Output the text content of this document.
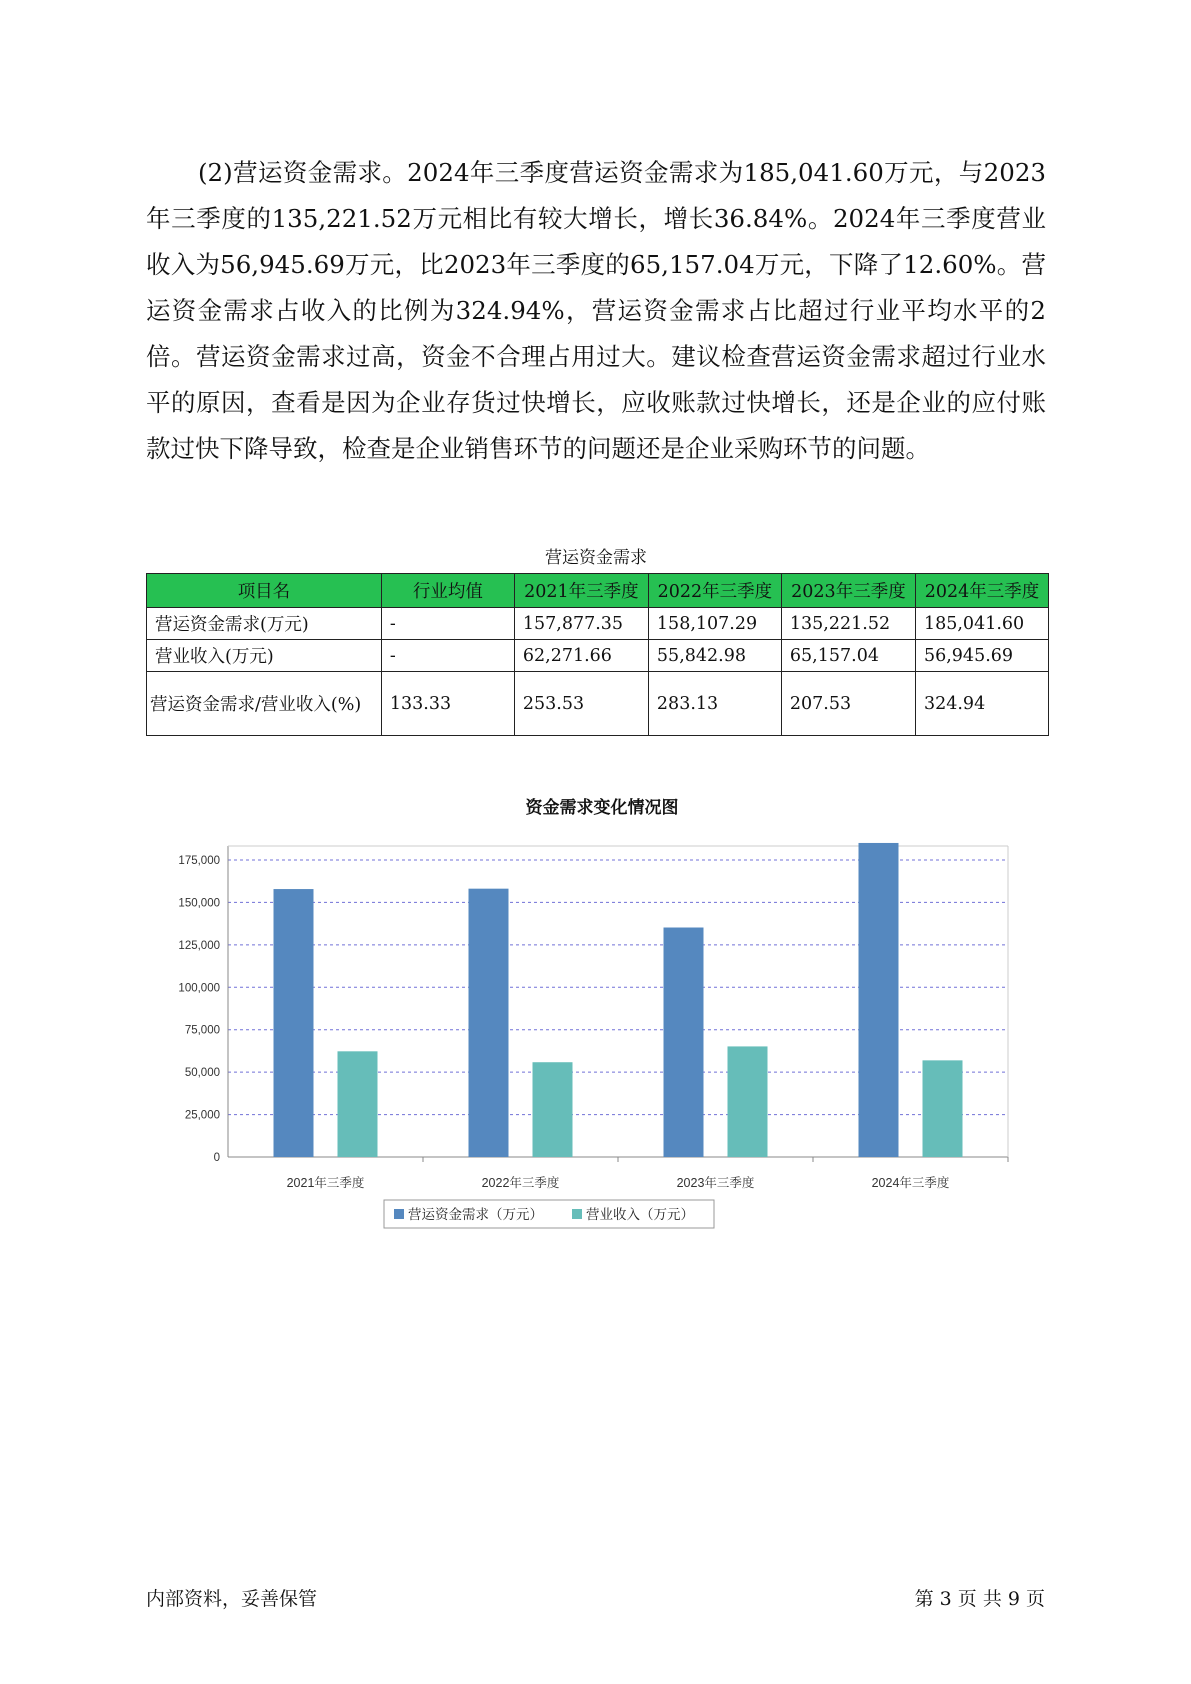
(2)营运资金需求。2024年三季度营运资金需求为185,041.60万元，与2023年三季度的135,221.52万元相比有较大增长，增长36.84%。2024年三季度营业收入为56,945.69万元，比2023年三季度的65,157.04万元，下降了12.60%。营运资金需求占收入的比例为324.94%，营运资金需求占比超过行业平均水平的2倍。营运资金需求过高，资金不合理占用过大。建议检查营运资金需求超过行业水平的原因，查看是因为企业存货过快增长，应收账款过快增长，还是企业的应付账款过快下降导致，检查是企业销售环节的问题还是企业采购环节的问题。

营运资金需求
项目名	行业均值	2021年三季度	2022年三季度	2023年三季度	2024年三季度
营运资金需求(万元)	-	157,877.35	158,107.29	135,221.52	185,041.60
营业收入(万元)	-	62,271.66	55,842.98	65,157.04	56,945.69
营运资金需求/营业收入(%)	133.33	253.53	283.13	207.53	324.94
资金需求变化情况图
0
25,000
50,000
75,000
100,000
125,000
150,000
175,000
2021年三季度	2022年三季度	2023年三季度	2024年三季度
营运资金需求（万元）	营业收入（万元）
内部资料，妥善保管	第 3 页 共 9 页
